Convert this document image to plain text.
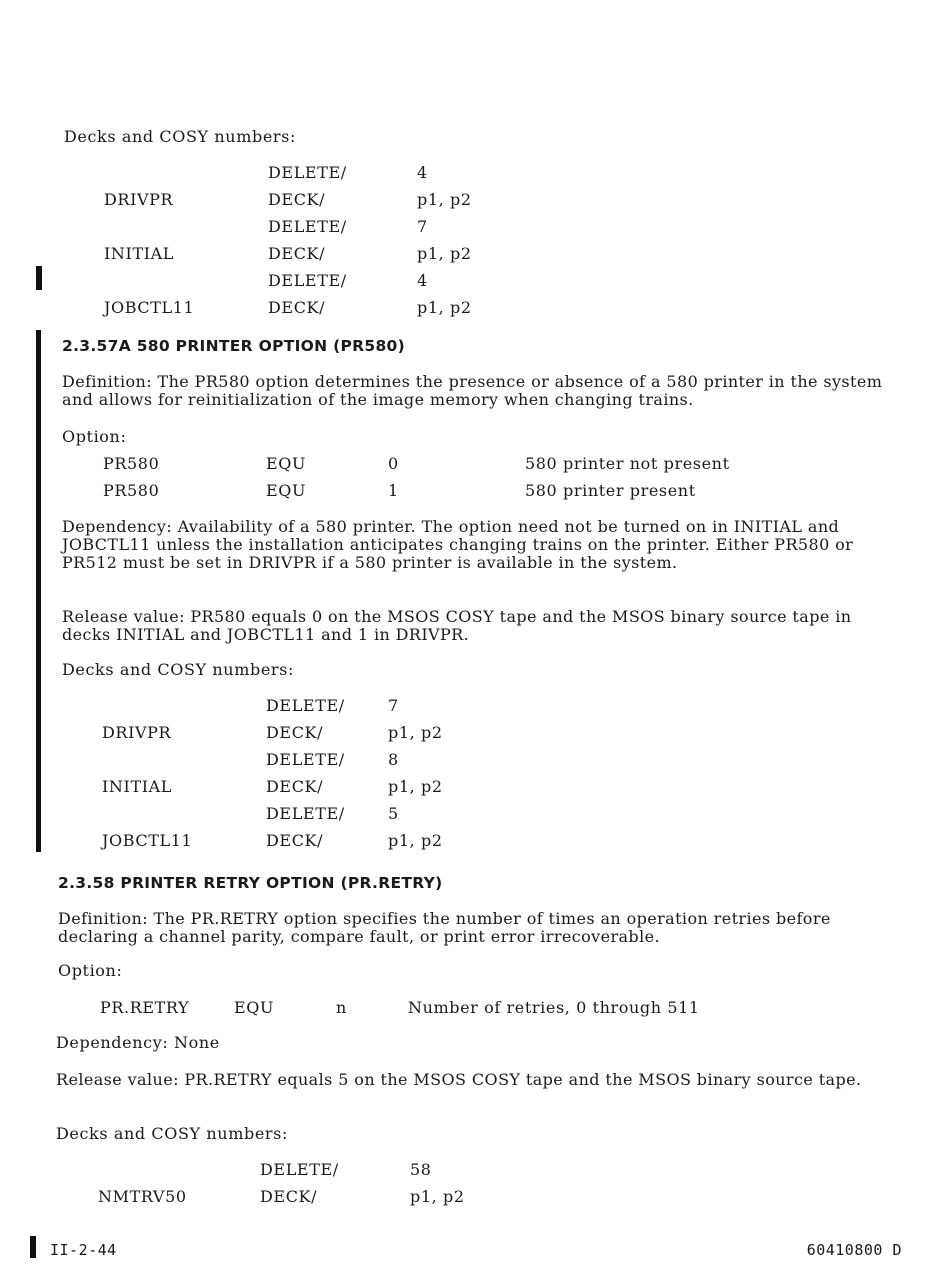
Decks and COSY numbers:
DELETE/	4
DRIVPR	DECK/	p1, p2
DELETE/	7
INITIAL	DECK/	p1, p2
DELETE/	4
JOBCTL11	DECK/	p1, p2
2.3.57A 580 PRINTER OPTION (PR580)
Definition: The PR580 option determines the presence or absence of a 580 printer in the system and allows for reinitialization of the image memory when changing trains.
Option:
PR580	EQU	0	580 printer not present
PR580	EQU	1	580 printer present
Dependency: Availability of a 580 printer. The option need not be turned on in INITIAL and JOBCTL11 unless the installation anticipates changing trains on the printer. Either PR580 or PR512 must be set in DRIVPR if a 580 printer is available in the system.
Release value: PR580 equals 0 on the MSOS COSY tape and the MSOS binary source tape in decks INITIAL and JOBCTL11 and 1 in DRIVPR.
Decks and COSY numbers:
DELETE/	7
DRIVPR	DECK/	p1, p2
DELETE/	8
INITIAL	DECK/	p1, p2
DELETE/	5
JOBCTL11	DECK/	p1, p2
2.3.58 PRINTER RETRY OPTION (PR.RETRY)
Definition: The PR.RETRY option specifies the number of times an operation retries before declaring a channel parity, compare fault, or print error irrecoverable.
Option:
PR.RETRY	EQU	n	Number of retries, 0 through 511
Dependency: None
Release value: PR.RETRY equals 5 on the MSOS COSY tape and the MSOS binary source tape.
Decks and COSY numbers:
DELETE/	58
NMTRV50	DECK/	p1, p2
II-2-44	60410800 D
